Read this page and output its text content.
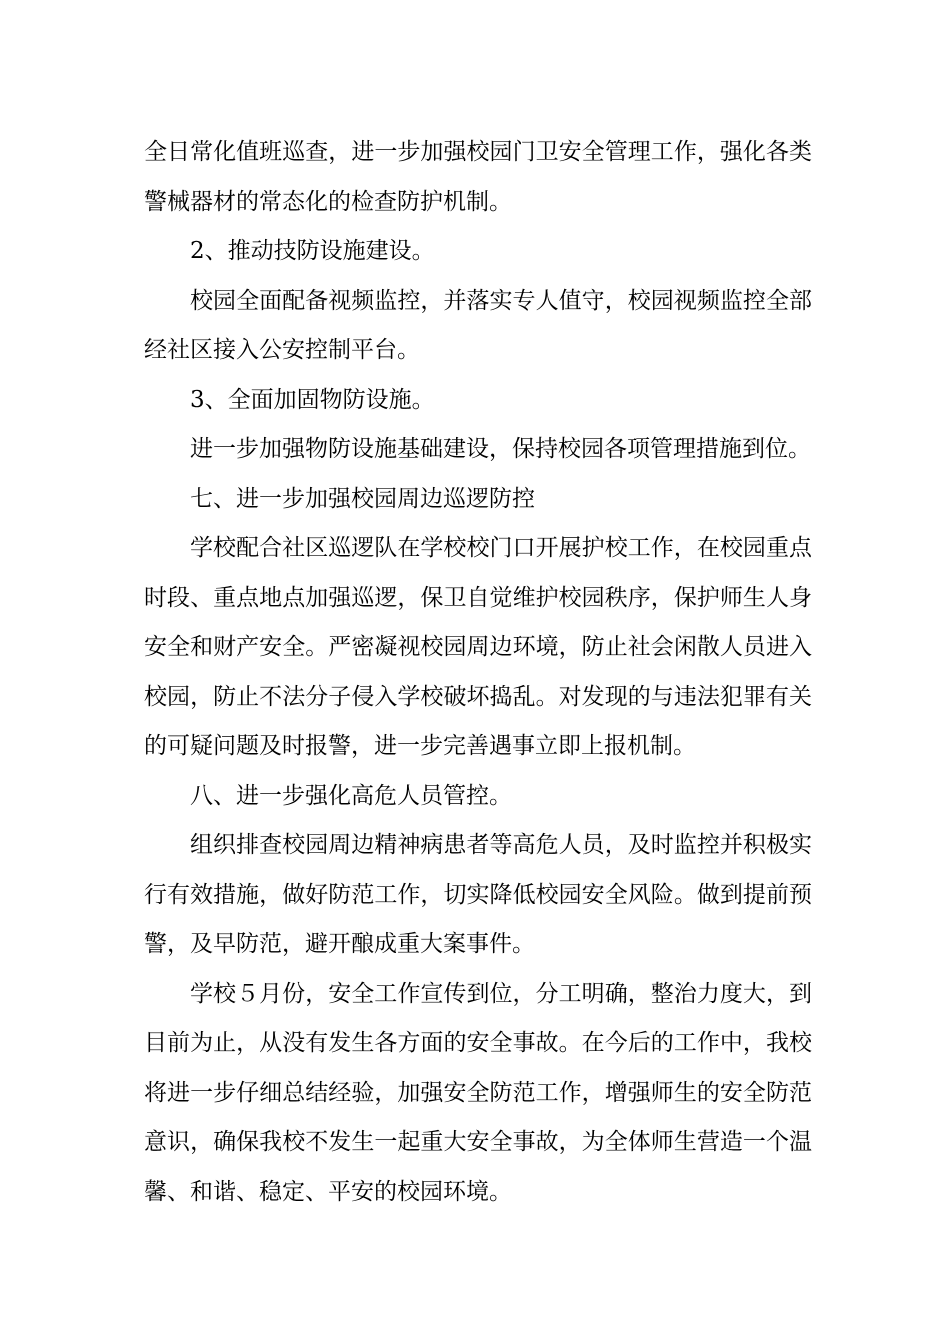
全日常化值班巡查，进一步加强校园门卫安全管理工作，强化各类警械器材的常态化的检查防护机制。

2、推动技防设施建设。

校园全面配备视频监控，并落实专人值守，校园视频监控全部经社区接入公安控制平台。

3、全面加固物防设施。

进一步加强物防设施基础建设，保持校园各项管理措施到位。

七、进一步加强校园周边巡逻防控

学校配合社区巡逻队在学校校门口开展护校工作，在校园重点时段、重点地点加强巡逻，保卫自觉维护校园秩序，保护师生人身安全和财产安全。严密凝视校园周边环境，防止社会闲散人员进入校园，防止不法分子侵入学校破坏捣乱。对发现的与违法犯罪有关的可疑问题及时报警，进一步完善遇事立即上报机制。

八、进一步强化高危人员管控。

组织排查校园周边精神病患者等高危人员，及时监控并积极实行有效措施，做好防范工作，切实降低校园安全风险。做到提前预警，及早防范，避开酿成重大案事件。

学校５月份，安全工作宣传到位，分工明确，整治力度大，到目前为止，从没有发生各方面的安全事故。在今后的工作中，我校将进一步仔细总结经验，加强安全防范工作，增强师生的安全防范意识，确保我校不发生一起重大安全事故，为全体师生营造一个温馨、和谐、稳定、平安的校园环境。
